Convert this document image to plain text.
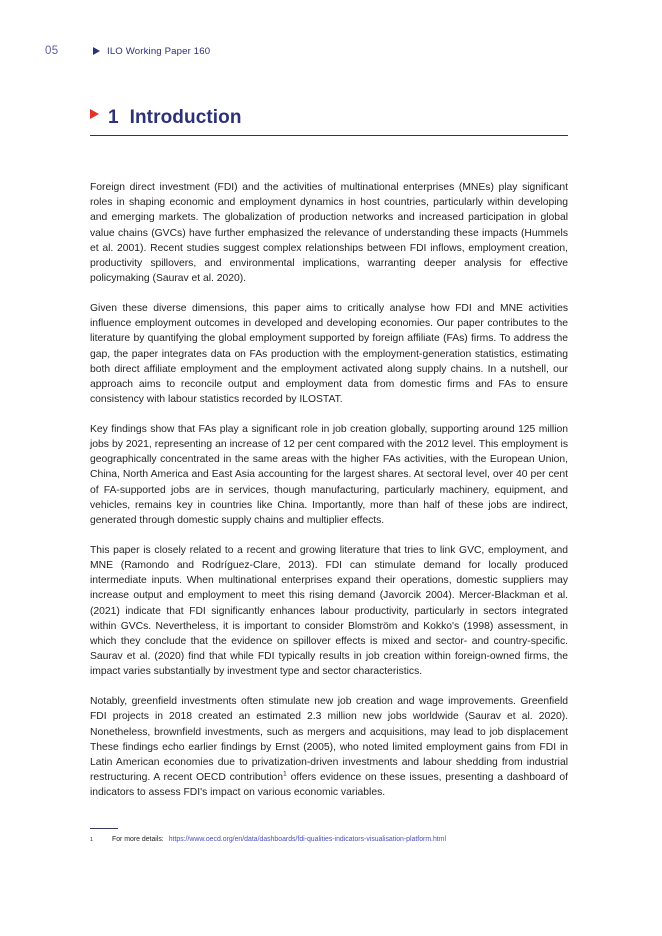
05	ILO Working Paper 160
1 Introduction

Foreign direct investment (FDI) and the activities of multinational enterprises (MNEs) play significant roles in shaping economic and employment dynamics in host countries, particularly within developing and emerging markets. The globalization of production networks and increased participation in global value chains (GVCs) have further emphasized the relevance of understanding these impacts (Hummels et al. 2001). Recent studies suggest complex relationships between FDI inflows, employment creation, productivity spillovers, and environmental implications, warranting deeper analysis for effective policymaking (Saurav et al. 2020).

Given these diverse dimensions, this paper aims to critically analyse how FDI and MNE activities influence employment outcomes in developed and developing economies. Our paper contributes to the literature by quantifying the global employment supported by foreign affiliate (FAs) firms. To address the gap, the paper integrates data on FAs production with the employment-generation statistics, estimating both direct affiliate employment and the employment activated along supply chains. In a nutshell, our approach aims to reconcile output and employment data from domestic firms and FAs to ensure consistency with labour statistics recorded by ILOSTAT.

Key findings show that FAs play a significant role in job creation globally, supporting around 125 million jobs by 2021, representing an increase of 12 per cent compared with the 2012 level. This employment is geographically concentrated in the same areas with the higher FAs activities, with the European Union, China, North America and East Asia accounting for the largest shares. At sectoral level, over 40 per cent of FA-supported jobs are in services, though manufacturing, particularly machinery, equipment, and vehicles, remains key in countries like China. Importantly, more than half of these jobs are indirect, generated through domestic supply chains and multiplier effects.

This paper is closely related to a recent and growing literature that tries to link GVC, employment, and MNE (Ramondo and Rodríguez-Clare, 2013). FDI can stimulate demand for locally produced intermediate inputs. When multinational enterprises expand their operations, domestic suppliers may increase output and employment to meet this rising demand (Javorcik 2004). Mercer-Blackman et al. (2021) indicate that FDI significantly enhances labour productivity, particularly in sectors integrated within GVCs. Nevertheless, it is important to consider Blomström and Kokko's (1998) assessment, in which they conclude that the evidence on spillover effects is mixed and sector- and country-specific. Saurav et al. (2020) find that while FDI typically results in job creation within foreign-owned firms, the impact varies substantially by investment type and sector characteristics.

Notably, greenfield investments often stimulate new job creation and wage improvements. Greenfield FDI projects in 2018 created an estimated 2.3 million new jobs worldwide (Saurav et al. 2020). Nonetheless, brownfield investments, such as mergers and acquisitions, may lead to job displacement These findings echo earlier findings by Ernst (2005), who noted limited employment gains from FDI in Latin American economies due to privatization-driven investments and labour shedding from industrial restructuring. A recent OECD contribution$^1$ offers evidence on these issues, presenting a dashboard of indicators to assess FDI's impact on various economic variables.

1	For more details: https://www.oecd.org/en/data/dashboards/fdi-qualities-indicators-visualisation-platform.html
